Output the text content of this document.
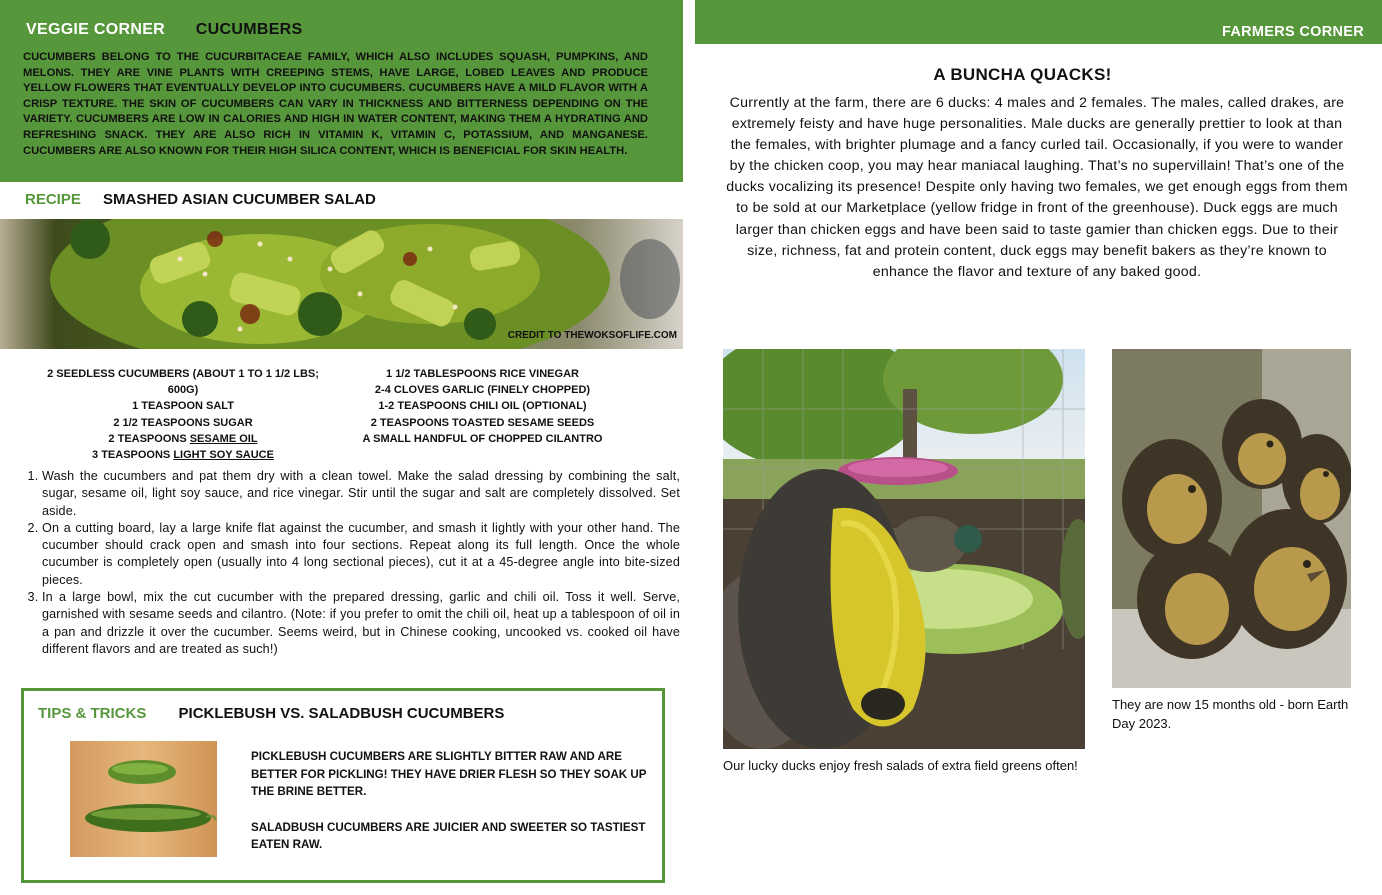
VEGGIE CORNER CUCUMBERS
CUCUMBERS BELONG TO THE CUCURBITACEAE FAMILY, WHICH ALSO INCLUDES SQUASH, PUMPKINS, AND MELONS. THEY ARE VINE PLANTS WITH CREEPING STEMS, HAVE LARGE, LOBED LEAVES AND PRODUCE YELLOW FLOWERS THAT EVENTUALLY DEVELOP INTO CUCUMBERS. CUCUMBERS HAVE A MILD FLAVOR WITH A CRISP TEXTURE. THE SKIN OF CUCUMBERS CAN VARY IN THICKNESS AND BITTERNESS DEPENDING ON THE VARIETY. CUCUMBERS ARE LOW IN CALORIES AND HIGH IN WATER CONTENT, MAKING THEM A HYDRATING AND REFRESHING SNACK. THEY ARE ALSO RICH IN VITAMIN K, VITAMIN C, POTASSIUM, AND MANGANESE. CUCUMBERS ARE ALSO KNOWN FOR THEIR HIGH SILICA CONTENT, WHICH IS BENEFICIAL FOR SKIN HEALTH.
RECIPE SMASHED ASIAN CUCUMBER SALAD
CREDIT TO THEWOKSOFLIFE.COM
2 SEEDLESS CUCUMBERS (ABOUT 1 TO 1 1/2 LBS; 600G)
1 TEASPOON SALT
2 1/2 TEASPOONS SUGAR
2 TEASPOONS SESAME OIL
3 TEASPOONS LIGHT SOY SAUCE
1 1/2 TABLESPOONS RICE VINEGAR
2-4 CLOVES GARLIC (FINELY CHOPPED)
1-2 TEASPOONS CHILI OIL (OPTIONAL)
2 TEASPOONS TOASTED SESAME SEEDS
A SMALL HANDFUL OF CHOPPED CILANTRO
1. Wash the cucumbers and pat them dry with a clean towel. Make the salad dressing by combining the salt, sugar, sesame oil, light soy sauce, and rice vinegar. Stir until the sugar and salt are completely dissolved. Set aside.
2. On a cutting board, lay a large knife flat against the cucumber, and smash it lightly with your other hand. The cucumber should crack open and smash into four sections. Repeat along its full length. Once the whole cucumber is completely open (usually into 4 long sectional pieces), cut it at a 45-degree angle into bite-sized pieces.
3. In a large bowl, mix the cut cucumber with the prepared dressing, garlic and chili oil. Toss it well. Serve, garnished with sesame seeds and cilantro. (Note: if you prefer to omit the chili oil, heat up a tablespoon of oil in a pan and drizzle it over the cucumber. Seems weird, but in Chinese cooking, uncooked vs. cooked oil have different flavors and are treated as such!)
TIPS & TRICKS PICKLEBUSH VS. SALADBUSH CUCUMBERS

PICKLEBUSH CUCUMBERS ARE SLIGHTLY BITTER RAW AND ARE BETTER FOR PICKLING! THEY HAVE DRIER FLESH SO THEY SOAK UP THE BRINE BETTER.

SALADBUSH CUCUMBERS ARE JUICIER AND SWEETER SO TASTIEST EATEN RAW.

FARMERS CORNER
A BUNCHA QUACKS!
Currently at the farm, there are 6 ducks: 4 males and 2 females. The males, called drakes, are extremely feisty and have huge personalities. Male ducks are generally prettier to look at than the females, with brighter plumage and a fancy curled tail. Occasionally, if you were to wander by the chicken coop, you may hear maniacal laughing. That’s no supervillain! That’s one of the ducks vocalizing its presence! Despite only having two females, we get enough eggs from them to be sold at our Marketplace (yellow fridge in front of the greenhouse). Duck eggs are much larger than chicken eggs and have been said to taste gamier than chicken eggs. Due to their size, richness, fat and protein content, duck eggs may benefit bakers as they’re known to enhance the flavor and texture of any baked good.
Our lucky ducks enjoy fresh salads of extra field greens often!
They are now 15 months old - born Earth Day 2023.
